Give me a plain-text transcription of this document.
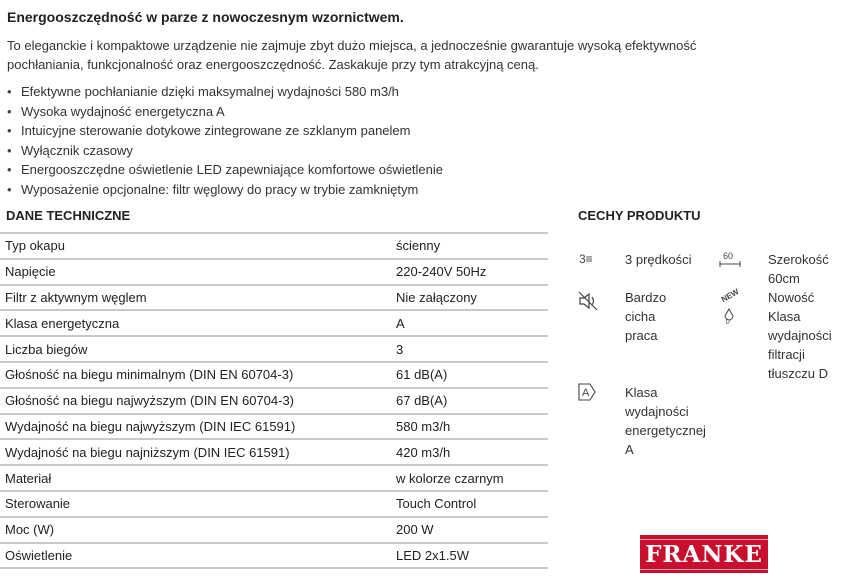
Energooszczędność w parze z nowoczesnym wzornictwem.
To eleganckie i kompaktowe urządzenie nie zajmuje zbyt dużo miejsca, a jednocześnie gwarantuje wysoką efektywność pochłaniania, funkcjonalność oraz energooszczędność. Zaskakuje przy tym atrakcyjną ceną.
• Efektywne pochłanianie dzięki maksymalnej wydajności 580 m3/h
• Wysoka wydajność energetyczna A
• Intuicyjne sterowanie dotykowe zintegrowane ze szklanym panelem
• Wyłącznik czasowy
• Energooszczędne oświetlenie LED zapewniające komfortowe oświetlenie
• Wyposażenie opcjonalne: filtr węglowy do pracy w trybie zamkniętym
DANE TECHNICZNE	CECHY PRODUKTU
Typ okapu	ścienny
Napięcie	220-240V 50Hz
Filtr z aktywnym węglem	Nie załączony
Klasa energetyczna	A
Liczba biegów	3
Głośność na biegu minimalnym (DIN EN 60704-3)	61 dB(A)
Głośność na biegu najwyższym (DIN EN 60704-3)	67 dB(A)
Wydajność na biegu najwyższym (DIN IEC 61591)	580 m3/h
Wydajność na biegu najniższym (DIN IEC 61591)	420 m3/h
Materiał	w kolorze czarnym
Sterowanie	Touch Control
Moc (W)	200 W
Oświetlenie	LED 2x1.5W
3≡
A
60
NEW
D
3 prędkości	Szerokość 60cm
Bardzo cicha praca
Nowość
Klasa wydajności filtracji tłuszczu D
Klasa wydajności energetycznej A
FRANKE
